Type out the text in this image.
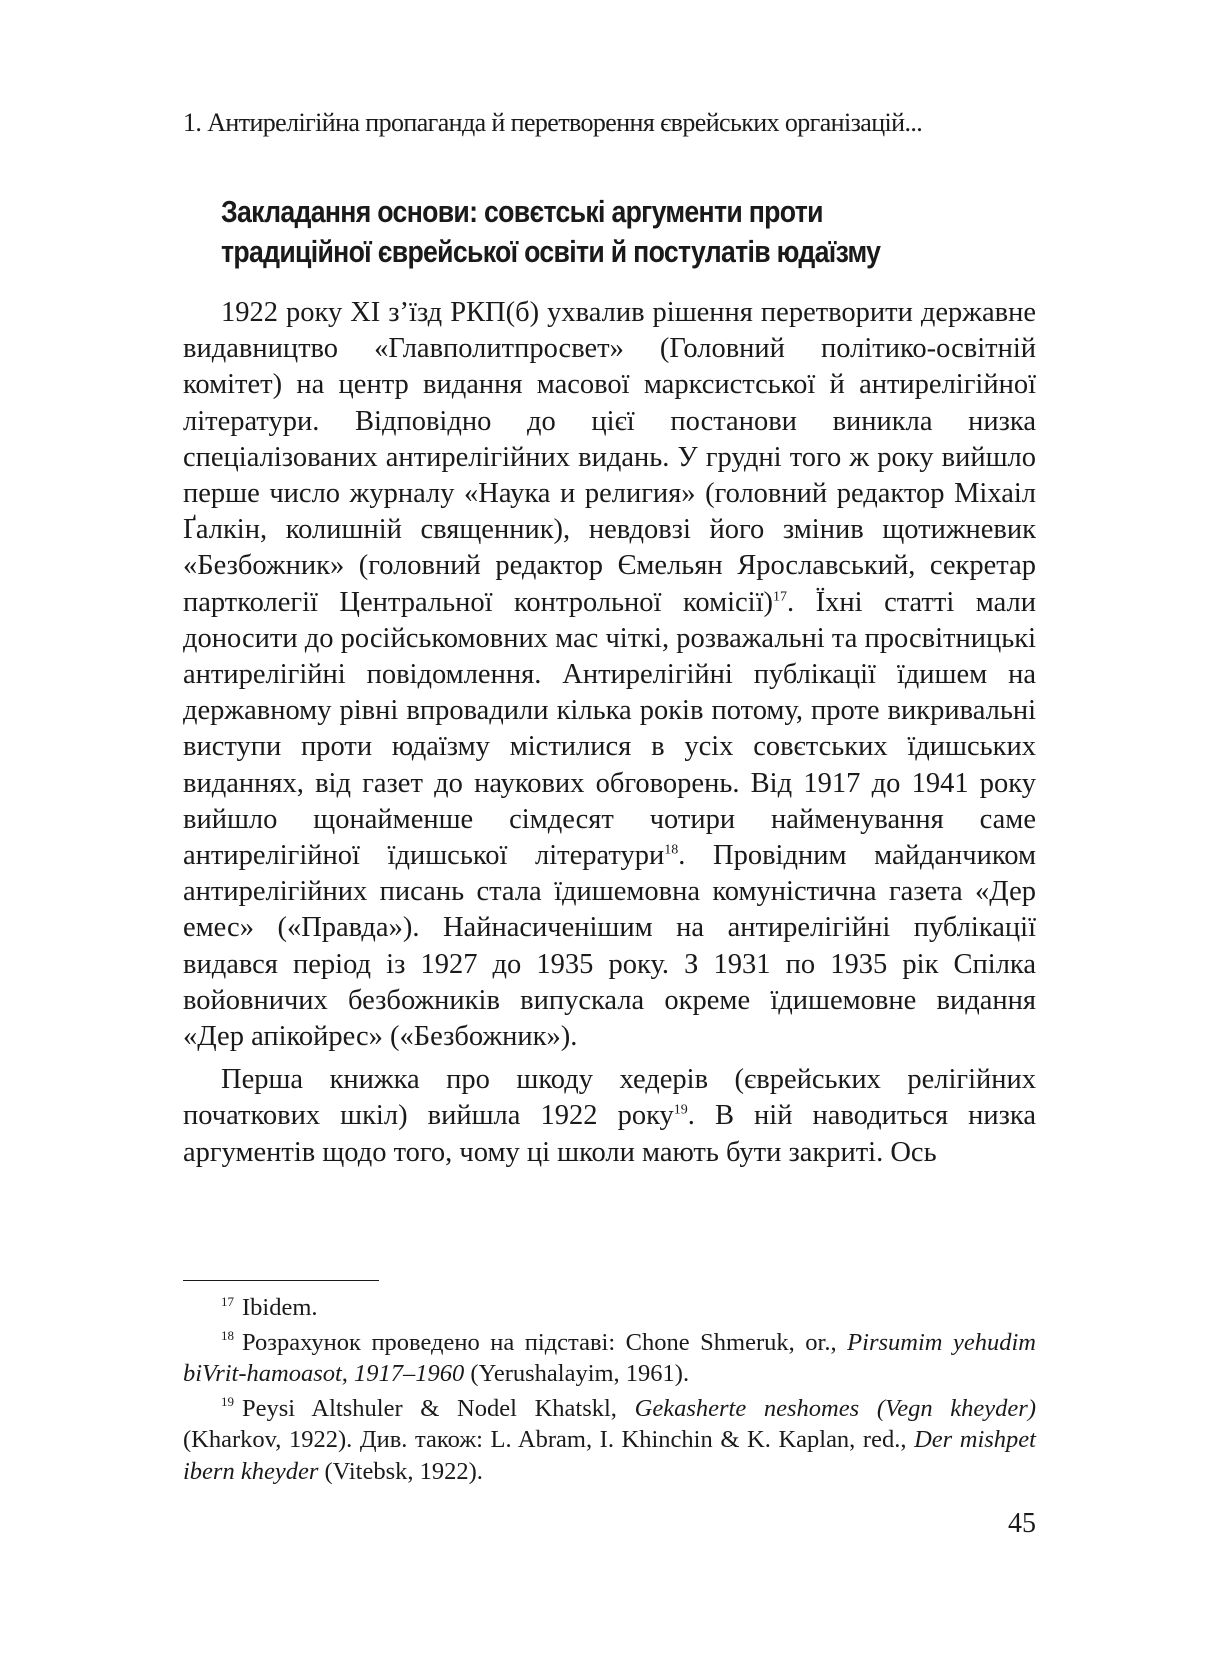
1. Антирелігійна пропаганда й перетворення єврейських організацій...
Закладання основи: совєтські аргументи проти
традиційної єврейської освіти й постулатів юдаїзму

1922 року XI з’їзд РКП(б) ухвалив рішення перетворити державне видавництво «Главполитпросвет» (Головний політико-освітній комітет) на центр видання масової марксистської й антирелігійної літератури. Відповідно до цієї постанови виникла низка спеціалізованих антирелігійних видань. У грудні того ж року вийшло перше число журналу «Наука и религия» (головний редактор Міхаіл Ґалкін, колишній священник), невдовзі його змінив щотижневик «Безбожник» (головний редактор Ємельян Ярославський, секретар партколегії Центральної контрольної комісії)$^{17}$. Їхні статті мали доносити до російськомовних мас чіткі, розважальні та просвітницькі антирелігійні повідомлення. Антирелігійні публікації їдишем на державному рівні впровадили кілька років потому, проте викривальні виступи проти юдаїзму містилися в усіх совєтських їдишських виданнях, від газет до наукових обговорень. Від 1917 до 1941 року вийшло щонайменше сімдесят чотири найменування саме антирелігійної їдишської літератури$^{18}$. Провідним майданчиком антирелігійних писань стала їдишемовна комуністична газета «Дер емес» («Правда»). Найнасиченішим на антирелігійні публікації видався період із 1927 до 1935 року. З 1931 по 1935 рік Спілка войовничих безбожників випускала окреме їдишемовне видання «Дер апікойрес» («Безбожник»).

Перша книжка про шкоду хедерів (єврейських релігійних початкових шкіл) вийшла 1922 року$^{19}$. В ній наводиться низка аргументів щодо того, чому ці школи мають бути закриті. Ось

$^{17}$ Ibidem.

$^{18}$ Розрахунок проведено на підставі: Chone Shmeruk, or., Pirsumim yehudim biVrit-hamoasot, 1917–1960 (Yerushalayim, 1961).

$^{19}$ Peysi Altshuler & Nodel Khatskl, Gekasherte neshomes (Vegn kheyder) (Kharkov, 1922). Див. також: L. Abram, I. Khinchin & K. Kaplan, red., Der mishpet ibern kheyder (Vitebsk, 1922).

45
